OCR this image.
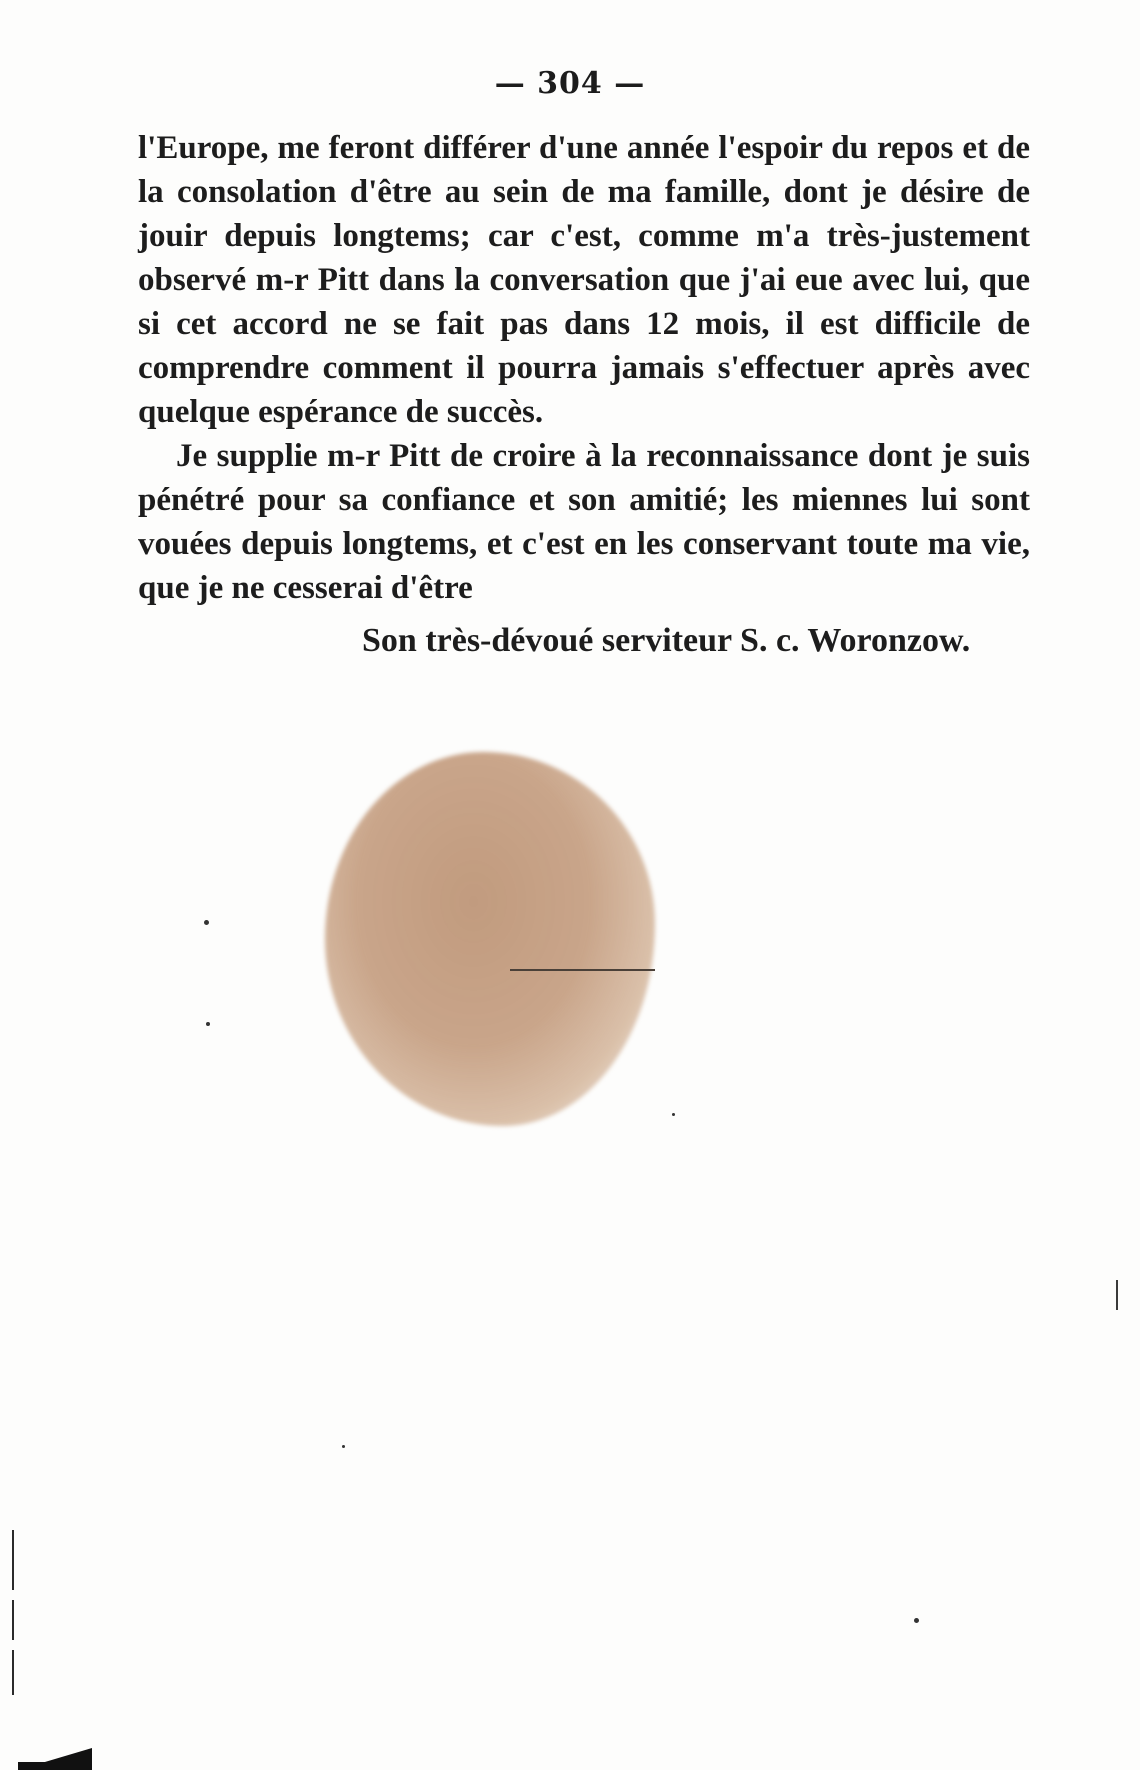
— 304 —

l'Europe, me feront différer d'une année l'espoir du repos et de la consolation d'être au sein de ma famille, dont je désire de jouir depuis longtems; car c'est, comme m'a très-justement observé m-r Pitt dans la conversation que j'ai eue avec lui, que si cet accord ne se fait pas dans 12 mois, il est difficile de comprendre comment il pourra jamais s'effectuer après avec quelque espérance de succès.

Je supplie m-r Pitt de croire à la reconnaissance dont je suis pénétré pour sa confiance et son amitié; les miennes lui sont vouées depuis longtems, et c'est en les conservant toute ma vie, que je ne cesserai d'être

Son très-dévoué serviteur S. c. Woronzow.
